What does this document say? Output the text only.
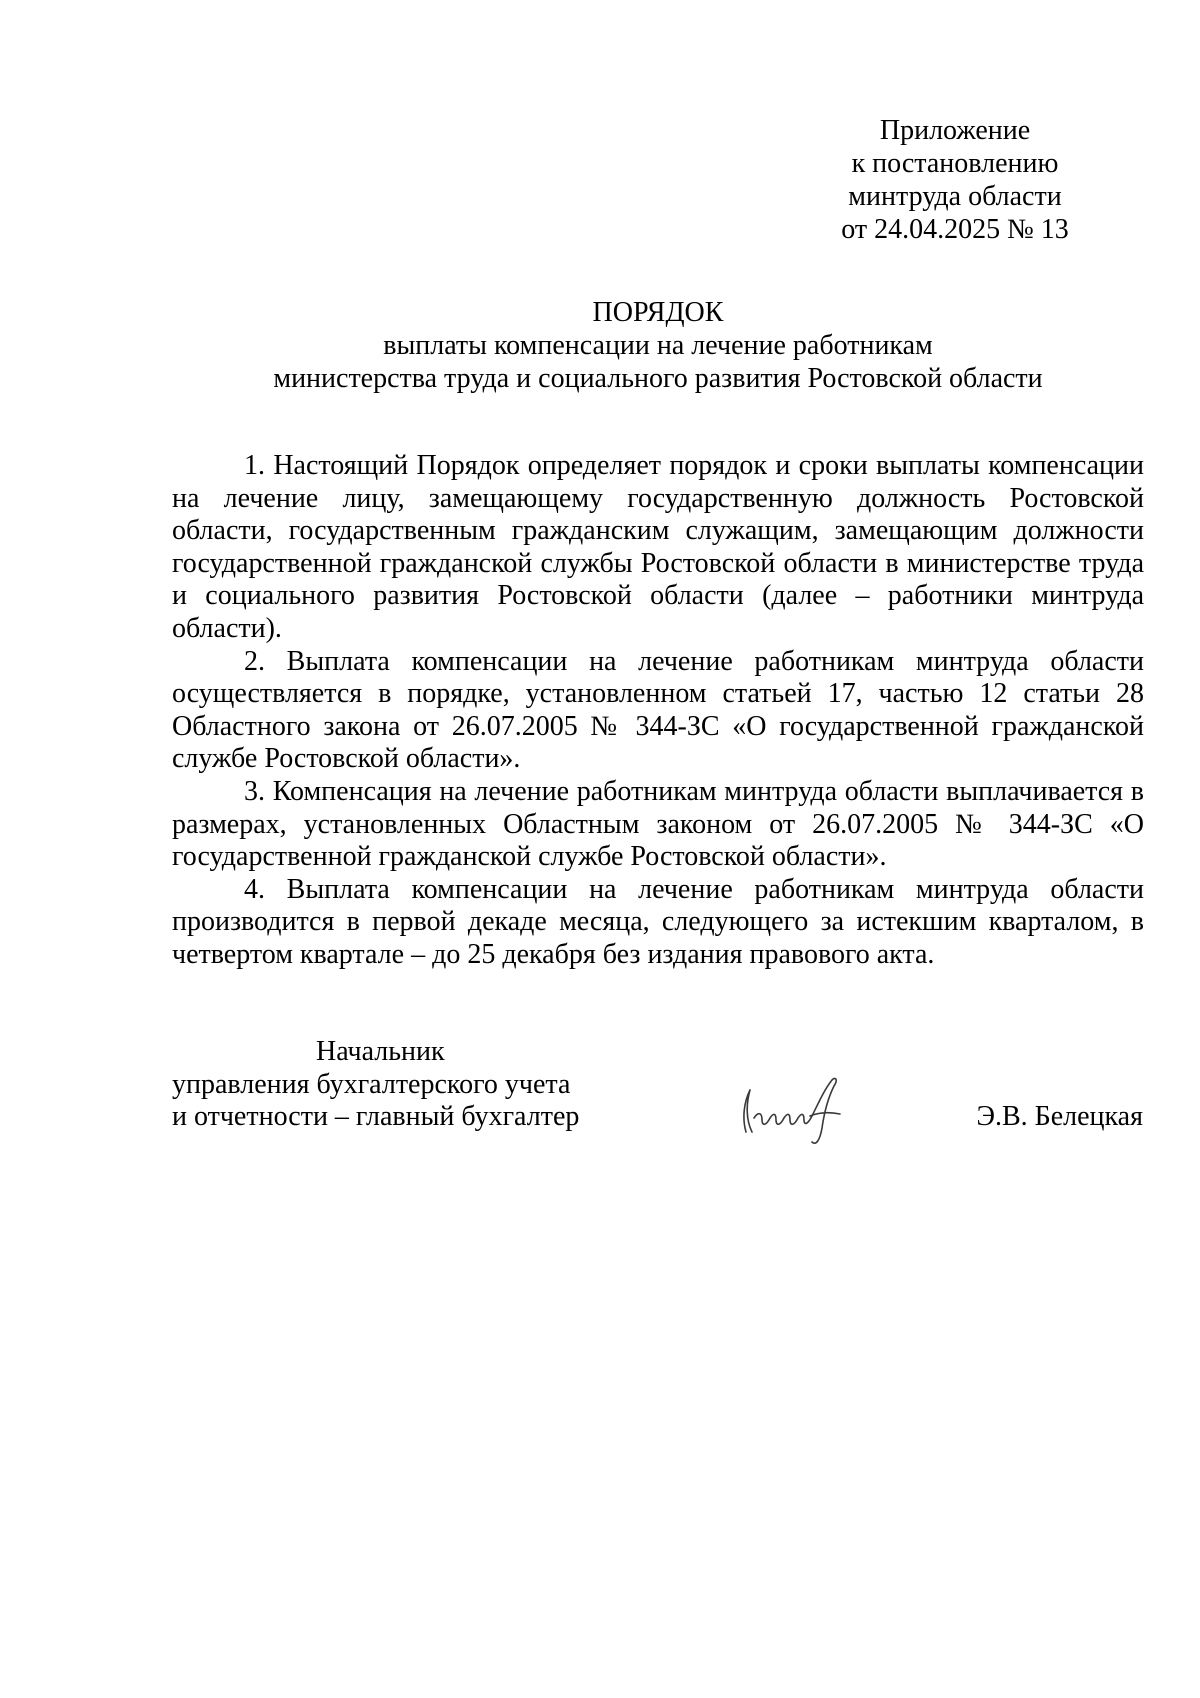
Приложение
к постановлению
минтруда области
от 24.04.2025 № 13
ПОРЯДОК
выплаты компенсации на лечение работникам
министерства труда и социального развития Ростовской области

1. Настоящий Порядок определяет порядок и сроки выплаты компенсации на лечение лицу, замещающему государственную должность Ростовской области, государственным гражданским служащим, замещающим должности государственной гражданской службы Ростовской области в министерстве труда и социального развития Ростовской области (далее – работники минтруда области).

2. Выплата компенсации на лечение работникам минтруда области осуществляется в порядке, установленном статьей 17, частью 12 статьи 28 Областного закона от 26.07.2005 № 344-ЗС «О государственной гражданской службе Ростовской области».

3. Компенсация на лечение работникам минтруда области выплачивается в размерах, установленных Областным законом от 26.07.2005 № 344-ЗС «О государственной гражданской службе Ростовской области».

4. Выплата компенсации на лечение работникам минтруда области производится в первой декаде месяца, следующего за истекшим кварталом, в четвертом квартале – до 25 декабря без издания правового акта.

Начальник
управления бухгалтерского учета
и отчетности – главный бухгалтер	Э.В. Белецкая
